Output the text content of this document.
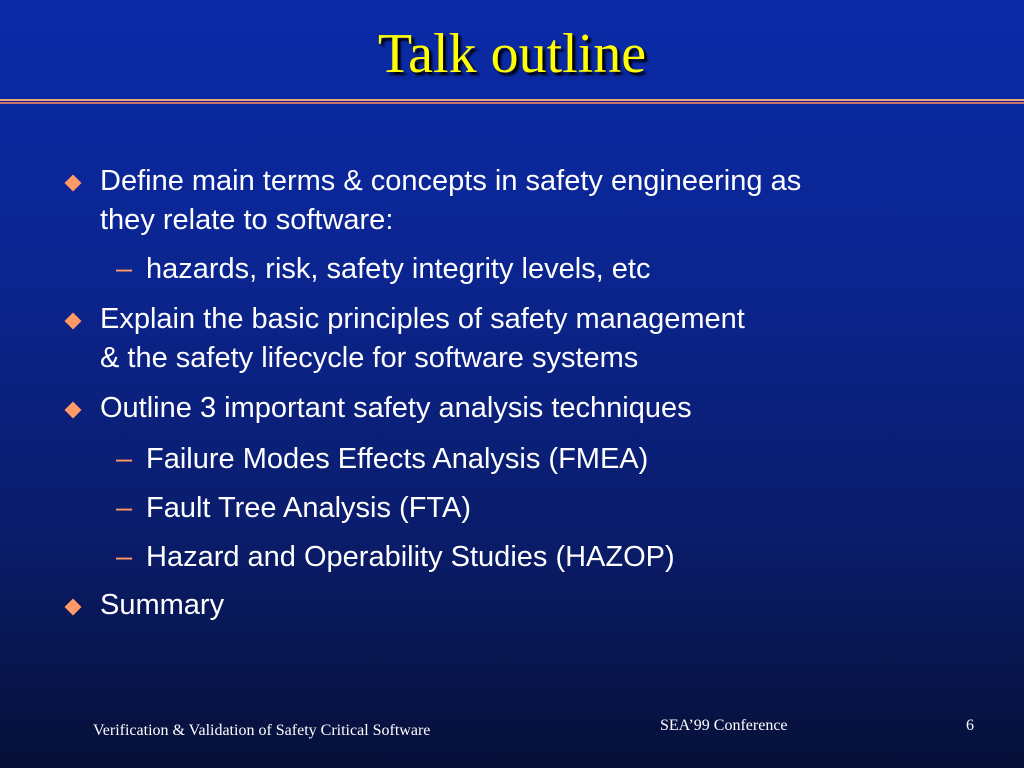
Talk outline
Define main terms & concepts in safety engineering as
they relate to software:
– hazards, risk, safety integrity levels, etc
Explain the basic principles of safety management
& the safety lifecycle for software systems
Outline 3 important safety analysis techniques
– Failure Modes Effects Analysis (FMEA)
– Fault Tree Analysis (FTA)
– Hazard and Operability Studies (HAZOP)
Summary
Verification & Validation of Safety Critical Software	SEA’99 Conference	6
